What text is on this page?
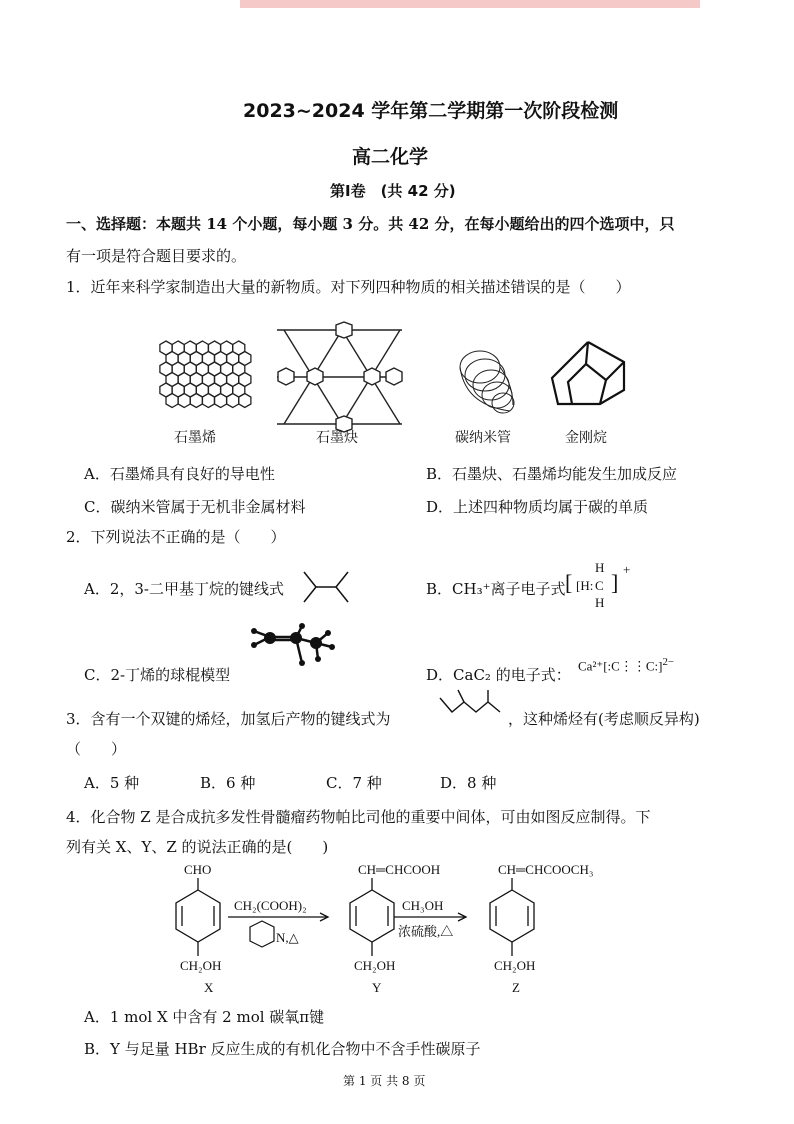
2023~2024 学年第二学期第一次阶段检测
高二化学
第Ⅰ卷　(共 42 分)
一、选择题：本题共 14 个小题，每小题 3 分。共 42 分，在每小题给出的四个选项中，只
有一项是符合题目要求的。
1．近年来科学家制造出大量的新物质。对下列四种物质的相关描述错误的是（　　）
石墨烯	石墨炔	碳纳米管	金刚烷
A．石墨烯具有良好的导电性	B．石墨炔、石墨烯均能发生加成反应
C．碳纳米管属于无机非金属材料	D．上述四种物质均属于碳的单质
2．下列说法不正确的是（　　）
A．2，3-二甲基丁烷的键线式	B．CH₃⁺离子电子式 [
H
[H: C
H
]
+
C．2-丁烯的球棍模型	D．CaC₂ 的电子式：
Ca²⁺[:C⋮⋮C:]$^{2-}$
3．含有一个双键的烯烃，加氢后产物的键线式为	，这种烯烃有(考虑顺反异构)
（　　）
A．5 种	B．6 种	C．7 种	D．8 种
4．化合物 Z 是合成抗多发性骨髓瘤药物帕比司他的重要中间体，可由如图反应制得。下
列有关 X、Y、Z 的说法正确的是(　　)
CHO
CH₂OH
X
CH₂(COOH)₂
N,△
CH═CHCOOH
CH₂OH
Y
CH₃OH
浓硫酸,△
CH═CHCOOCH₃
CH₂OH
Z
A．1 mol X 中含有 2 mol 碳氧π键
B．Y 与足量 HBr 反应生成的有机化合物中不含手性碳原子
第 1 页 共 8 页
